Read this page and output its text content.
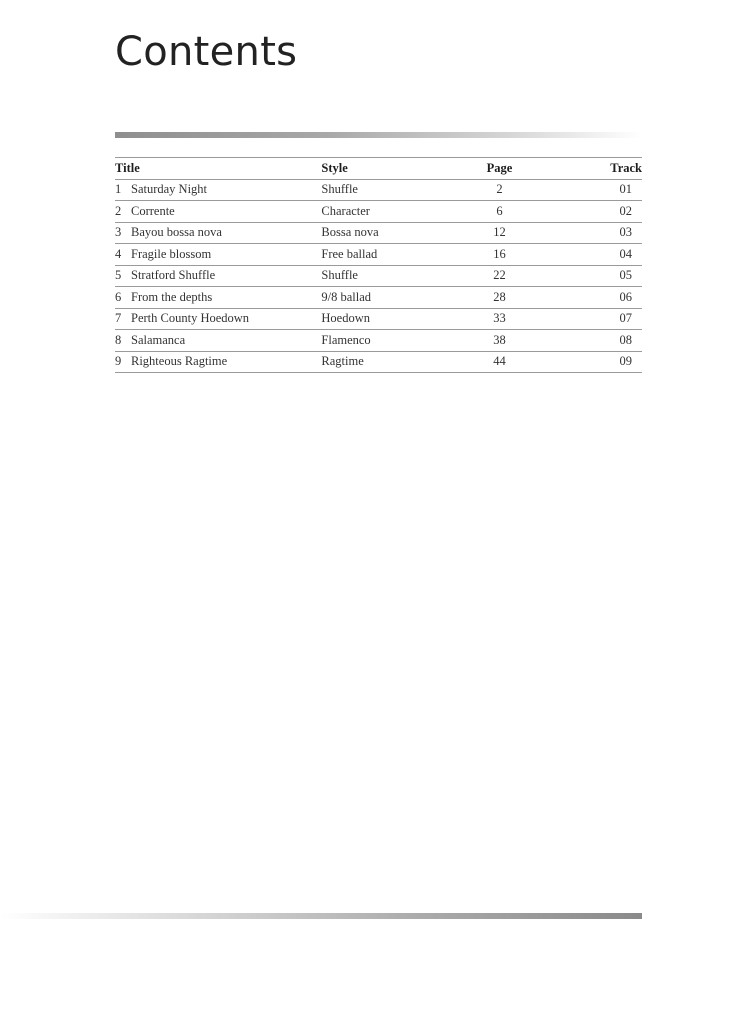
Contents
Title	Style	Page	Track
1 Saturday Night	Shuffle	2	01
2 Corrente	Character	6	02
3 Bayou bossa nova	Bossa nova	12	03
4 Fragile blossom	Free ballad	16	04
5 Stratford Shuffle	Shuffle	22	05
6 From the depths	9/8 ballad	28	06
7 Perth County Hoedown	Hoedown	33	07
8 Salamanca	Flamenco	38	08
9 Righteous Ragtime	Ragtime	44	09
